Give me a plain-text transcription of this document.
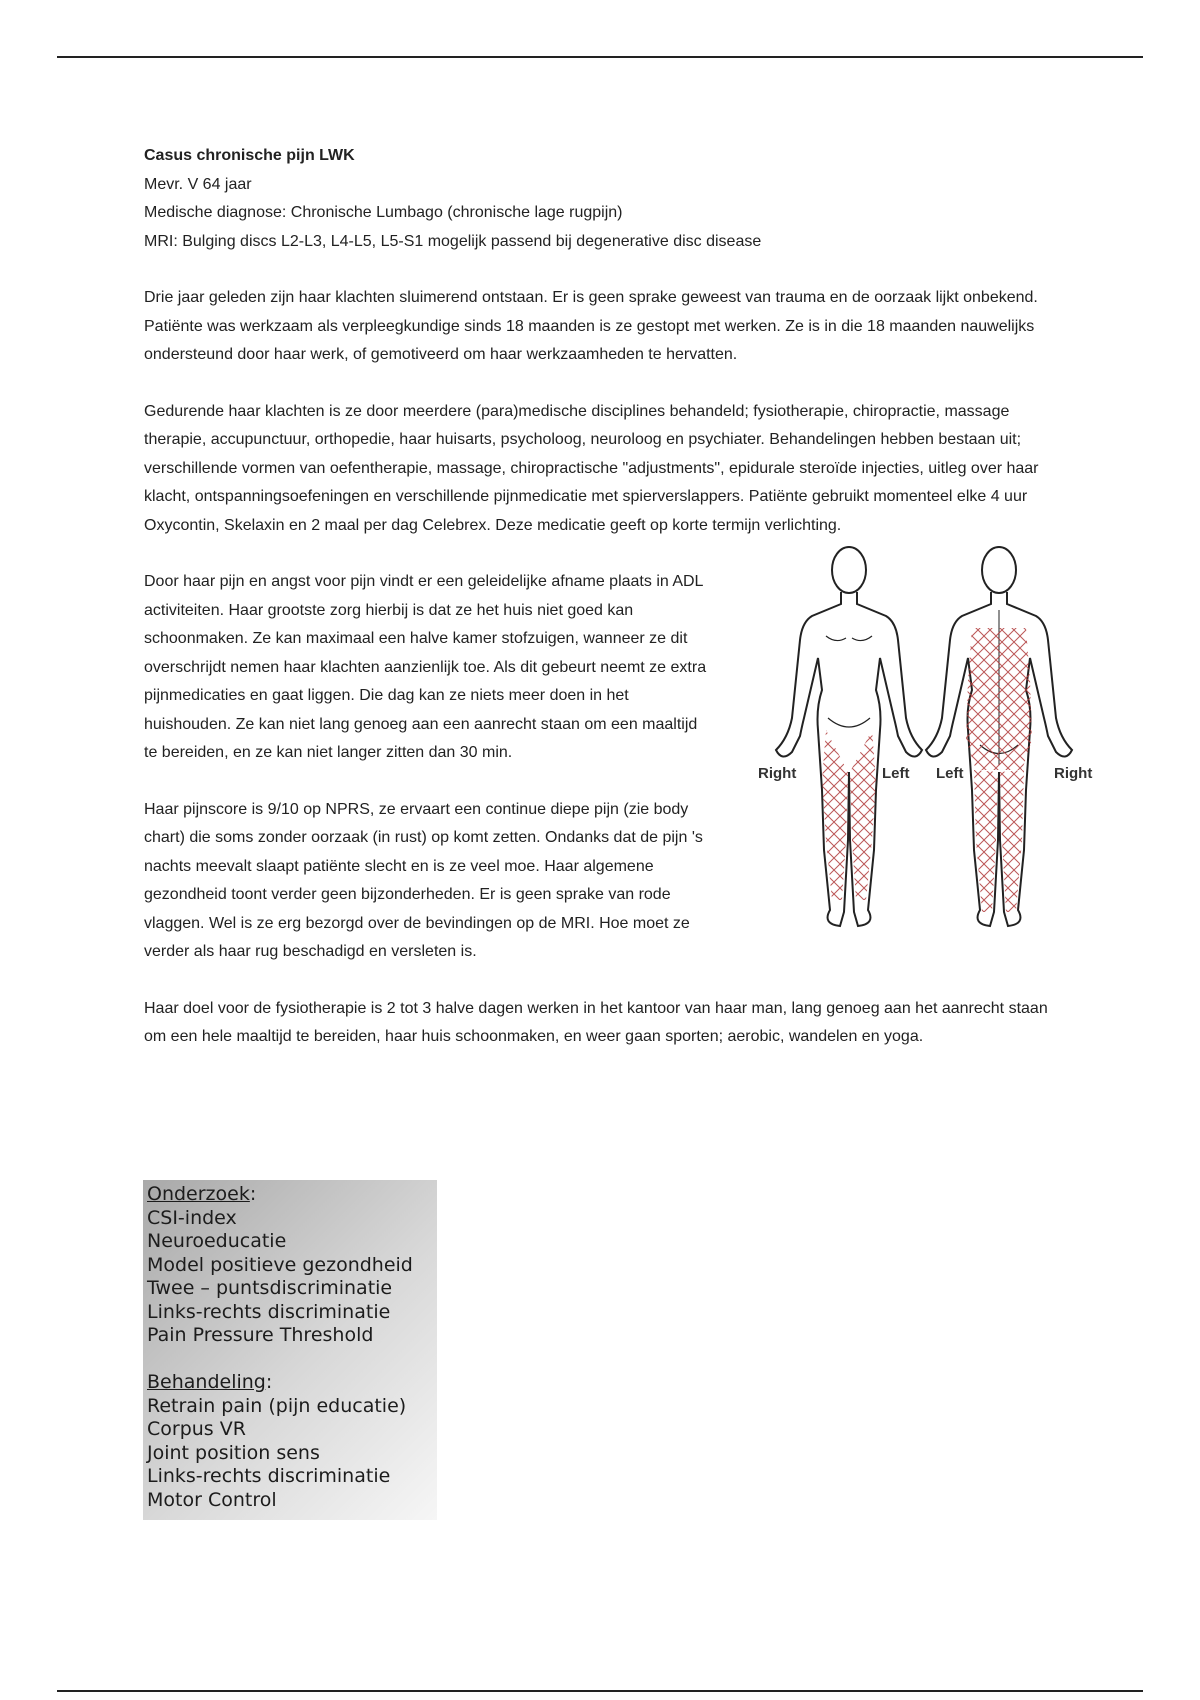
Casus chronische pijn LWK
Mevr. V 64 jaar
Medische diagnose: Chronische Lumbago (chronische lage rugpijn)
MRI: Bulging discs L2-L3, L4-L5, L5-S1 mogelijk passend bij degenerative disc disease

Drie jaar geleden zijn haar klachten sluimerend ontstaan. Er is geen sprake geweest van trauma en de oorzaak lijkt onbekend. Patiënte was werkzaam als verpleegkundige sinds 18 maanden is ze gestopt met werken. Ze is in die 18 maanden nauwelijks ondersteund door haar werk, of gemotiveerd om haar werkzaamheden te hervatten.

Gedurende haar klachten is ze door meerdere (para)medische disciplines behandeld; fysiotherapie, chiropractie, massage therapie, accupunctuur, orthopedie, haar huisarts, psycholoog, neuroloog en psychiater. Behandelingen hebben bestaan uit; verschillende vormen van oefentherapie, massage, chiropractische "adjustments", epidurale steroïde injecties, uitleg over haar klacht, ontspanningsoefeningen en verschillende pijnmedicatie met spierverslappers. Patiënte gebruikt momenteel elke 4 uur Oxycontin, Skelaxin en 2 maal per dag Celebrex. Deze medicatie geeft op korte termijn verlichting.

Right	Left Left	Right

Door haar pijn en angst voor pijn vindt er een geleidelijke afname plaats in ADL activiteiten. Haar grootste zorg hierbij is dat ze het huis niet goed kan schoonmaken. Ze kan maximaal een halve kamer stofzuigen, wanneer ze dit overschrijdt nemen haar klachten aanzienlijk toe. Als dit gebeurt neemt ze extra pijnmedicaties en gaat liggen. Die dag kan ze niets meer doen in het huishouden. Ze kan niet lang genoeg aan een aanrecht staan om een maaltijd te bereiden, en ze kan niet langer zitten dan 30 min.

Haar pijnscore is 9/10 op NPRS, ze ervaart een continue diepe pijn (zie body chart) die soms zonder oorzaak (in rust) op komt zetten. Ondanks dat de pijn 's nachts meevalt slaapt patiënte slecht en is ze veel moe. Haar algemene gezondheid toont verder geen bijzonderheden. Er is geen sprake van rode vlaggen. Wel is ze erg bezorgd over de bevindingen op de MRI. Hoe moet ze verder als haar rug beschadigd en versleten is.

Haar doel voor de fysiotherapie is 2 tot 3 halve dagen werken in het kantoor van haar man, lang genoeg aan het aanrecht staan om een hele maaltijd te bereiden, haar huis schoonmaken, en weer gaan sporten; aerobic, wandelen en yoga.

Onderzoek:
CSI-index
Neuroeducatie
Model positieve gezondheid
Twee – puntsdiscriminatie
Links-rechts discriminatie
Pain Pressure Threshold
Behandeling:
Retrain pain (pijn educatie)
Corpus VR
Joint position sens
Links-rechts discriminatie
Motor Control
